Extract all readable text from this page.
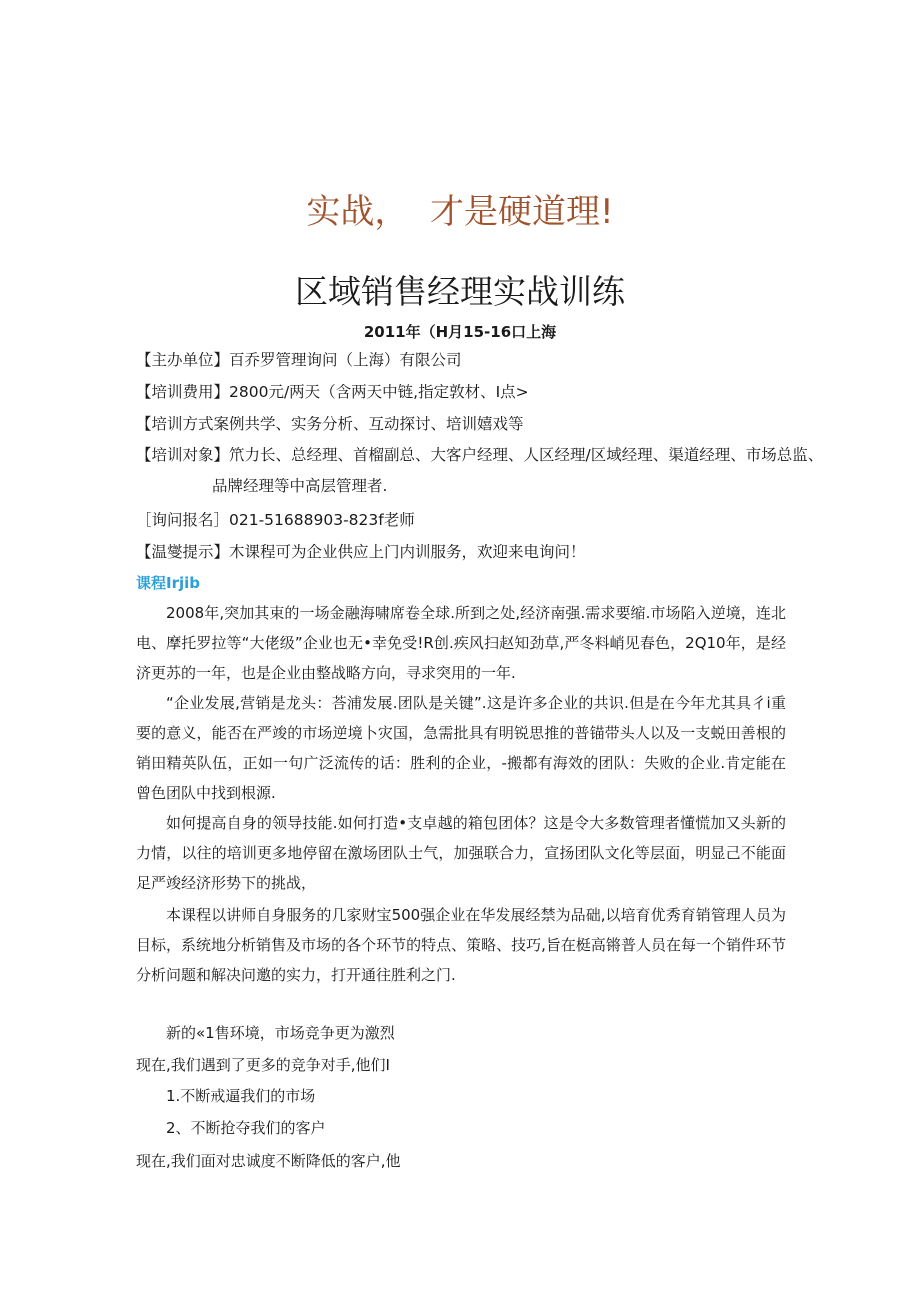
实战，  才是硬道理!
区域销售经理实战训练
2011年（H月15-16口上海
【主办单位】百乔罗管理询问（上海）有限公司
【培训费用】2800元/两天（含两天中链,指定敦材、I点>
【培训方式案例共学、实务分析、互动探讨、培训嬉戏等
【培训对象】笊力长、总经理、首榴副总、大客户经理、人区经理/区域经理、渠道经理、市场总监、
品牌经理等中高层管理者.
［询问报名］021-51688903-823f老师
【温燮提示】木课程可为企业供应上门内训服务，欢迎来电询问！
课程Irjib

2008年,突加其束的一场金融海啸席卷全球.所到之处,经济南强.需求要缩.市场陷入逆境，连北电、摩托罗拉等“大佬级”企业也无•幸免受!R创.疾风扫赵知劲草,严冬料峭见春色，2Q10年，是经济更苏的一年，也是企业由整战略方向，寻求突用的一年.

“企业发展,营销是龙头：荅浦发展.团队是关键”.这是许多企业的共识.但是在今年尤其具彳i重要的意义，能否在严竣的市场逆境卜灾国，急需批具有明锐思推的普锚带头人以及一支蜕田善根的销田精英队伍，正如一句广泛流传的话：胜利的企业，-搬都有海效的团队：失败的企业.肯定能在曾色团队中找到根源.

如何提高自身的领导技能.如何打造•支卓越的箱包团体？这是令大多数管理者懂慌加又头新的力情，以往的培训更多地停留在激场团队士气，加强联合力，宣扬团队文化等层面，明显己不能面足严竣经济形势下的挑战，

本课程以讲师自身服务的几家财宝500强企业在华发展经禁为品础,以培育优秀育销管理人员为目标，系统地分析销售及市场的各个环节的特点、策略、技巧,旨在梃高锵普人员在每一个销件环节分析问题和解决问邀的实力，打开通往胜利之门.

新的«1售环境，市场竞争更为激烈
现在,我们遇到了更多的竞争对手,他们I
1.不断戒逼我们的市场
2、不断抢夺我们的客户
现在,我们面对忠诚度不断降低的客户,他
